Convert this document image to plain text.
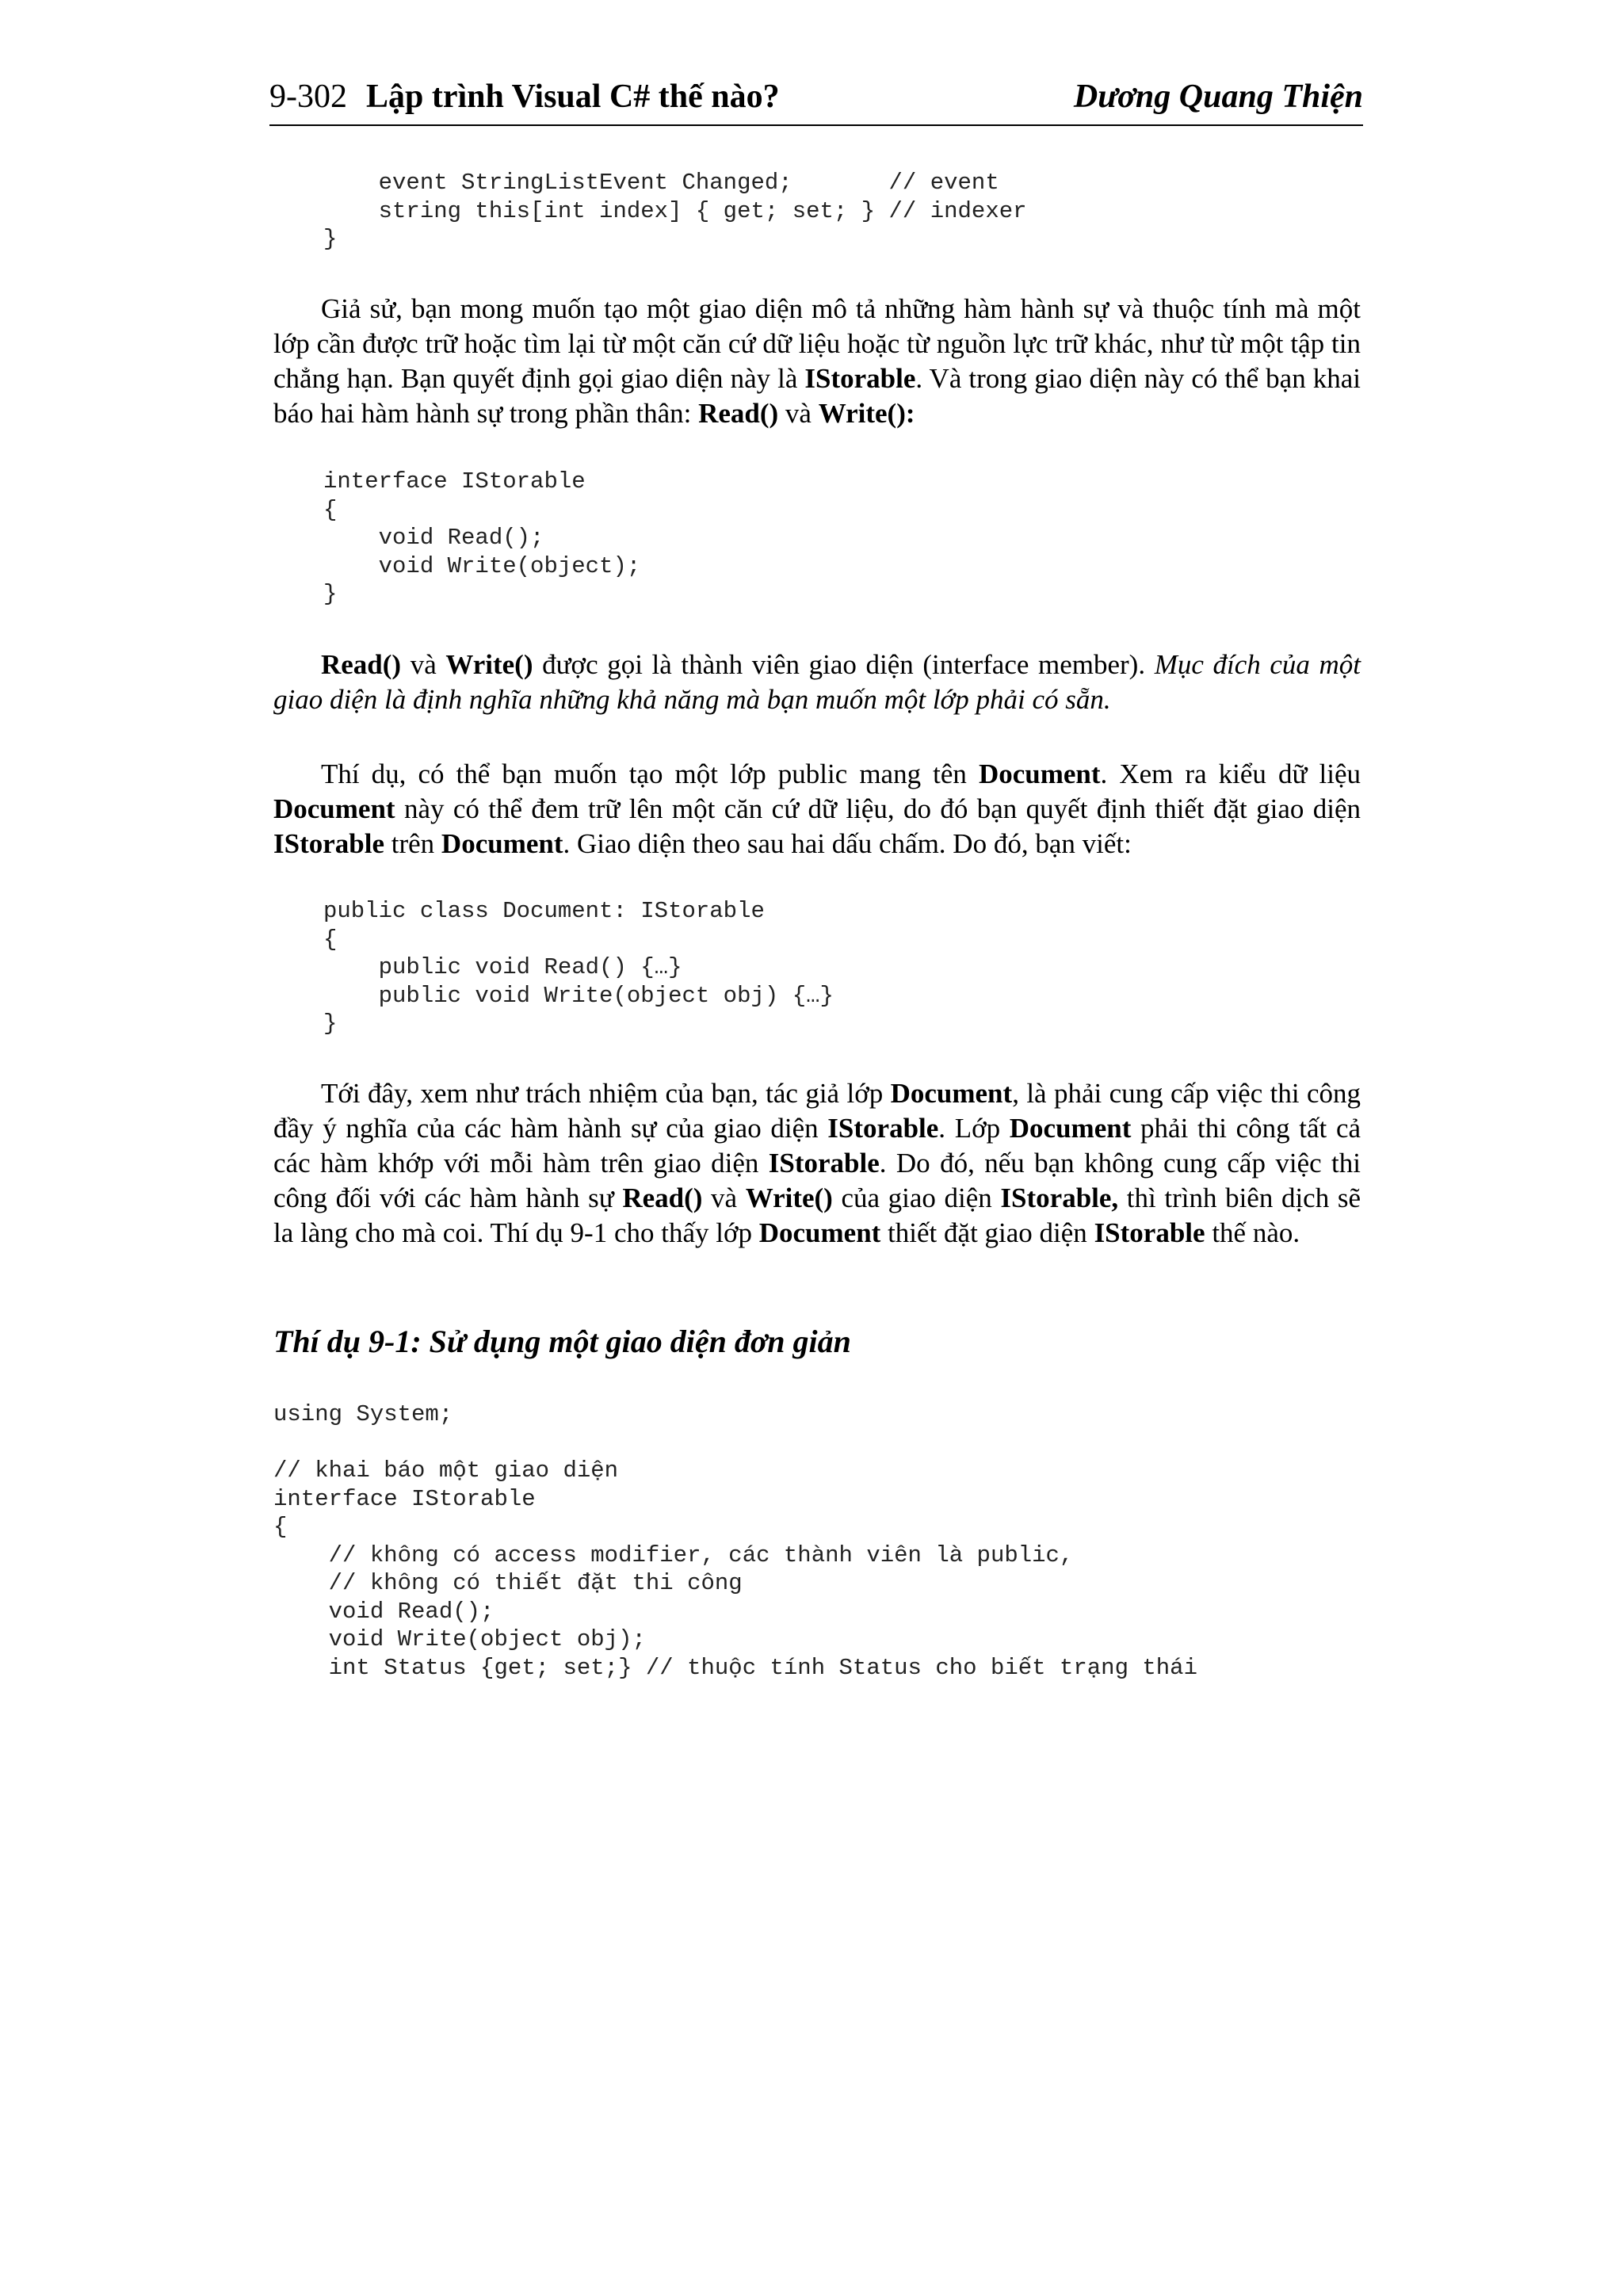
9-302 Lập trình Visual C# thế nào?	Dương Quang Thiện
event StringListEvent Changed;       // event
string this[int index] { get; set; } // indexer
}

Giả sử, bạn mong muốn tạo một giao diện mô tả những hàm hành sự và thuộc tính mà một lớp cần được trữ hoặc tìm lại từ một căn cứ dữ liệu hoặc từ nguồn lực trữ khác, như từ một tập tin chẳng hạn. Bạn quyết định gọi giao diện này là IStorable. Và trong giao diện này có thể bạn khai báo hai hàm hành sự trong phần thân: Read() và Write():

interface IStorable
{
void Read();
void Write(object);
}

Read() và Write() được gọi là thành viên giao diện (interface member). Mục đích của một giao diện là định nghĩa những khả năng mà bạn muốn một lớp phải có sẵn.

Thí dụ, có thể bạn muốn tạo một lớp public mang tên Document. Xem ra kiểu dữ liệu Document này có thể đem trữ lên một căn cứ dữ liệu, do đó bạn quyết định thiết đặt giao diện IStorable trên Document. Giao diện theo sau hai dấu chấm. Do đó, bạn viết:

public class Document: IStorable
{
public void Read() {…}
public void Write(object obj) {…}
}

Tới đây, xem như trách nhiệm của bạn, tác giả lớp Document, là phải cung cấp việc thi công đầy ý nghĩa của các hàm hành sự của giao diện IStorable. Lớp Document phải thi công tất cả các hàm khớp với mỗi hàm trên giao diện IStorable. Do đó, nếu bạn không cung cấp việc thi công đối với các hàm hành sự Read() và Write() của giao diện IStorable, thì trình biên dịch sẽ la làng cho mà coi. Thí dụ 9-1 cho thấy lớp Document thiết đặt giao diện IStorable thế nào.

Thí dụ 9-1: Sử dụng một giao diện đơn giản
using System;

// khai báo một giao diện
interface IStorable
{
// không có access modifier, các thành viên là public,
// không có thiết đặt thi công
void Read();
void Write(object obj);
int Status {get; set;} // thuộc tính Status cho biết trạng thái
